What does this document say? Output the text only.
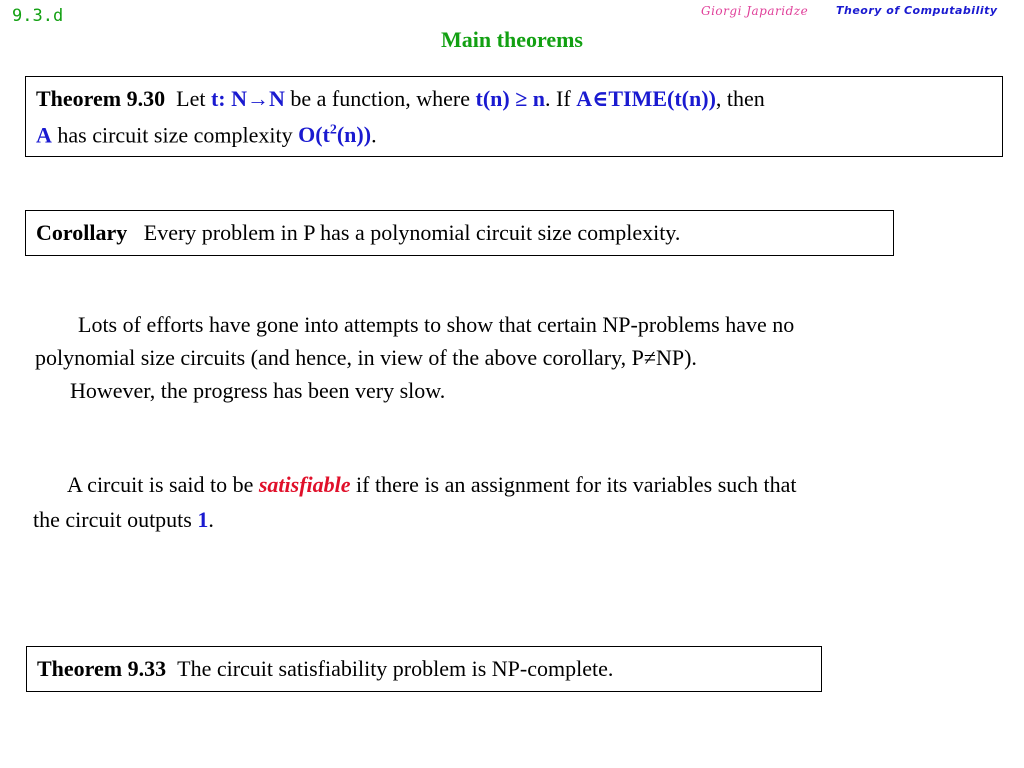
9.3.d	Giorgi Japaridze	Theory of Computability
Main theorems
Theorem 9.30 Let t: N→N be a function, where t(n) ≥ n. If A∈TIME(t(n)), then
A has circuit size complexity $O(t^2(n))$.
Corollary Every problem in P has a polynomial circuit size complexity.
Lots of efforts have gone into attempts to show that certain NP-problems have no
polynomial size circuits (and hence, in view of the above corollary, P≠NP).
However, the progress has been very slow.
A circuit is said to be satisfiable if there is an assignment for its variables such that
the circuit outputs 1.
Theorem 9.33 The circuit satisfiability problem is NP-complete.
